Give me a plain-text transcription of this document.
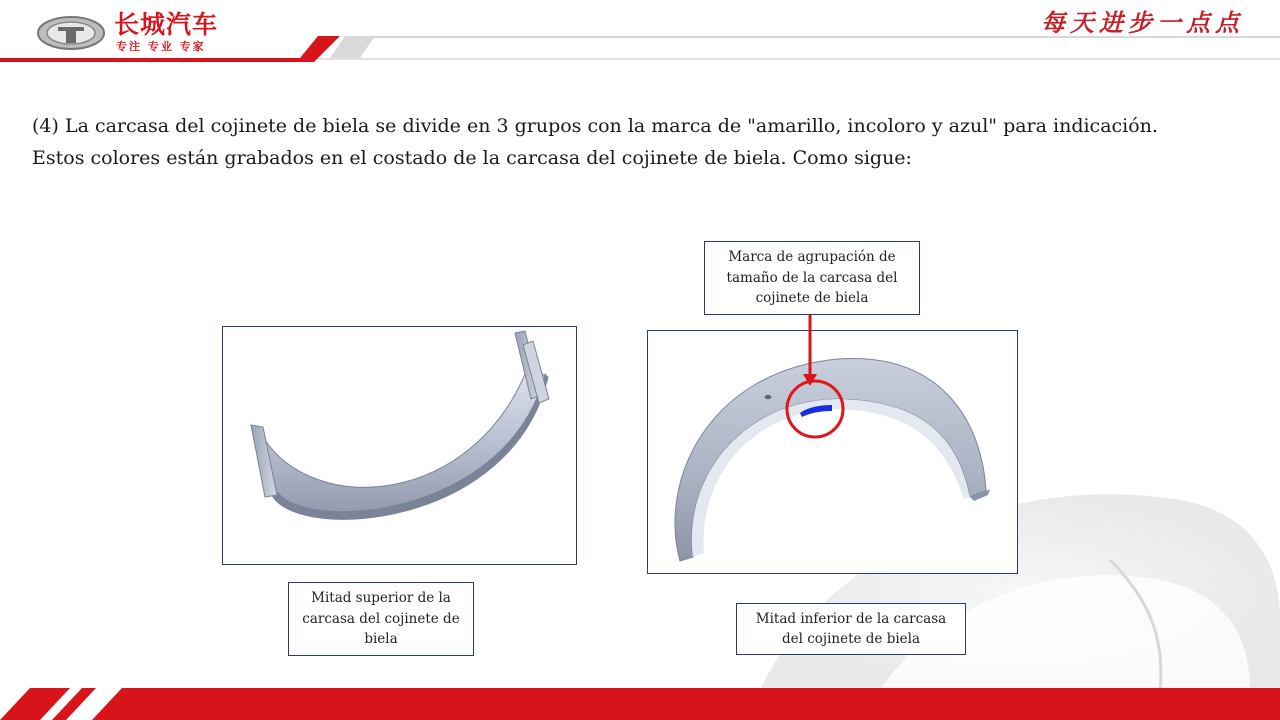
长城汽车
专注 专业 专家
每天进步一点点

(4) La carcasa del cojinete de biela se divide en 3 grupos con la marca de "amarillo, incoloro y azul" para indicación.

Estos colores están grabados en el costado de la carcasa del cojinete de biela. Como sigue:

Marca de agrupación de tamaño de la carcasa del cojinete de biela
Mitad superior de la carcasa del cojinete de biela
Mitad inferior de la carcasa del cojinete de biela
